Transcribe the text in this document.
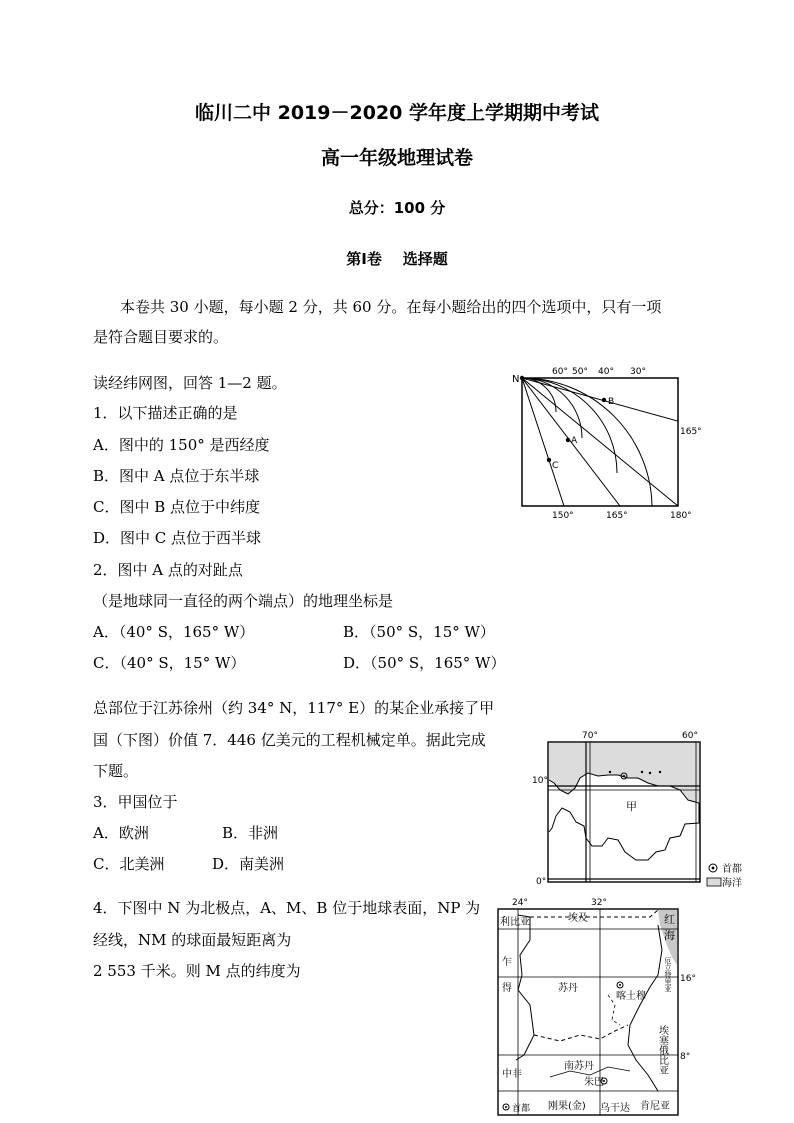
临川二中 2019－2020 学年度上学期期中考试
高一年级地理试卷
总分：100 分
第Ⅰ卷    选择题
本卷共 30 小题，每小题 2 分，共 60 分。在每小题给出的四个选项中，只有一项
是符合题目要求的。
读经纬网图，回答 1—2 题。
1．以下描述正确的是
A．图中的 150° 是西经度
B．图中 A 点位于东半球
C．图中 B 点位于中纬度
D．图中 C 点位于西半球
2．图中 A 点的对趾点
（是地球同一直径的两个端点）的地理坐标是
A．（40° S，165° W）	B．（50° S，15° W）
C．（40° S，15° W）	D．（50° S，165° W）
N
A
B
C
60° 50° 40° 30°
165°
150°	165°	180°
总部位于江苏徐州（约 34° N，117° E）的某企业承接了甲
国（下图）价值 7．446 亿美元的工程机械定单。据此完成
下题。
3．甲国位于
A．欧洲	B．非洲
C．北美洲	D．南美洲
70°	60°
10°
0°
甲
首都
海洋
4．下图中 N 为北极点，A、M、B 位于地球表面，NP 为
经线，NM 的球面最短距离为
2 553 千米。则 M 点的纬度为
24°	32°
16°
8°
利比亚	埃及	红
海
乍
得	苏丹
喀土穆
厄立特里亚
埃塞俄比亚
南苏丹
朱巴
中非
刚果(金) 乌干达 肯尼亚
首都
